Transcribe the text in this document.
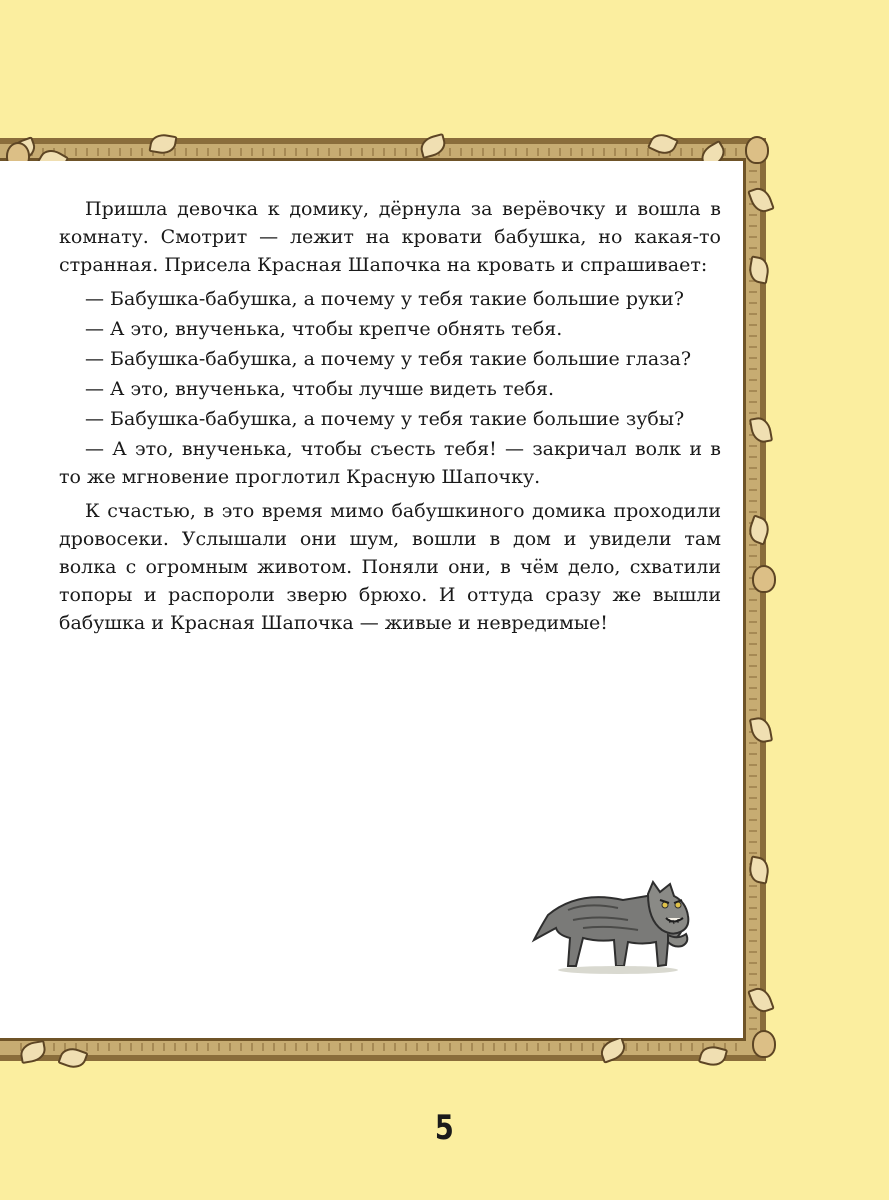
Пришла девочка к домику, дёрнула за верёвочку и вошла в комнату. Смотрит — лежит на кровати бабушка, но какая-то странная. Присела Красная Шапочка на кровать и спрашивает:

— Бабушка-бабушка, а почему у тебя такие большие руки?

— А это, внученька, чтобы крепче обнять тебя.

— Бабушка-бабушка, а почему у тебя такие большие глаза?

— А это, внученька, чтобы лучше видеть тебя.

— Бабушка-бабушка, а почему у тебя такие большие зубы?

— А это, внученька, чтобы съесть тебя! — закричал волк и в то же мгновение проглотил Красную Шапочку.

К счастью, в это время мимо бабушкиного домика проходили дровосеки. Услышали они шум, вошли в дом и увидели там волка с огромным животом. Поняли они, в чём дело, схватили топоры и распороли зверю брюхо. И оттуда сразу же вышли бабушка и Красная Шапочка — живые и невредимые!

5
